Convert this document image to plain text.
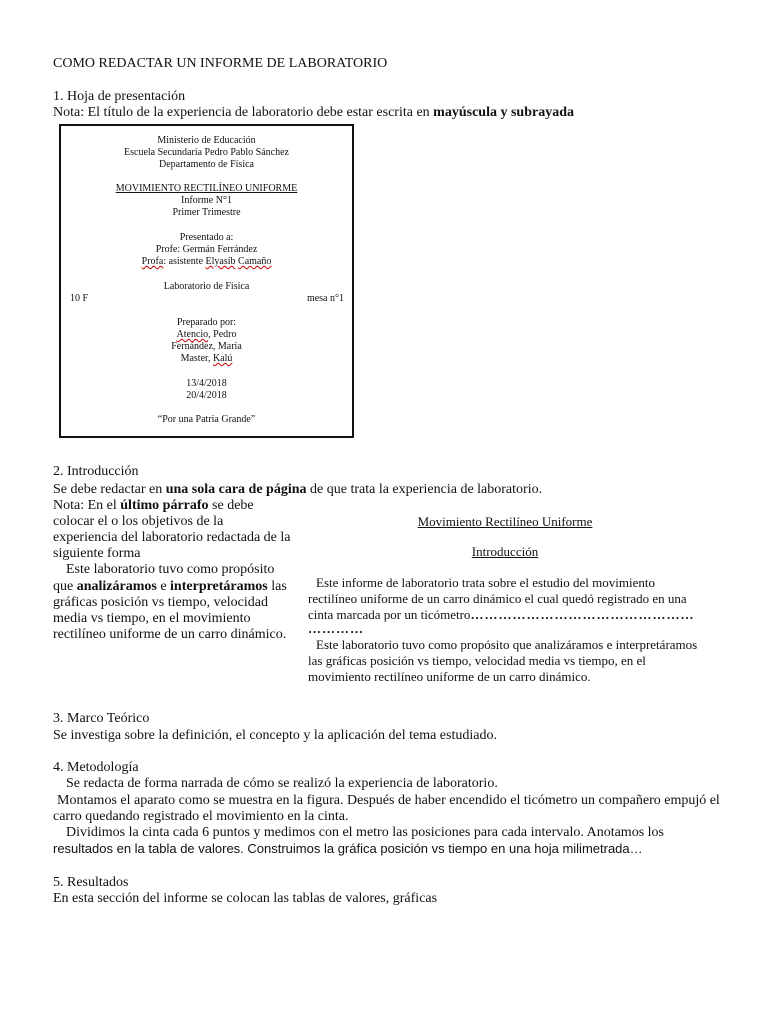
COMO REDACTAR UN INFORME DE LABORATORIO
1. Hoja de presentación
Nota: El título de la experiencia de laboratorio debe estar escrita en mayúscula y subrayada
Ministerio de Educación
Escuela Secundaria Pedro Pablo Sánchez
Departamento de Física
MOVIMIENTO RECTILÍNEO UNIFORME
Informe N°1
Primer Trimestre
Presentado a:
Profe: Germán Ferrández
Profa: asistente Elyasib Camaño
Laboratorio de Física
10 F	mesa n°1
Preparado por:
Atencio, Pedro
Fernández, María
Master, Kalú
13/4/2018
20/4/2018
“Por una Patria Grande”
2. Introducción
Se debe redactar en una sola cara de página de que trata la experiencia de laboratorio.
Nota: En el último párrafo se debe
colocar el o los objetivos de la
experiencia del laboratorio redactada de la
siguiente forma
Este laboratorio tuvo como propósito
que analizáramos e interpretáramos las
gráficas posición vs tiempo, velocidad
media vs tiempo, en el movimiento
rectilíneo uniforme de un carro dinámico.
Movimiento Rectilíneo Uniforme
Introducción
Este informe de laboratorio trata sobre el estudio del movimiento
rectilíneo uniforme de un carro dinámico el cual quedó registrado en una
cinta marcada por un ticómetro…………………………………………
…………
Este laboratorio tuvo como propósito que analizáramos e interpretáramos
las gráficas posición vs tiempo, velocidad media vs tiempo, en el
movimiento rectilíneo uniforme de un carro dinámico.
3. Marco Teórico
Se investiga sobre la definición, el concepto y la aplicación del tema estudiado.
4. Metodología
Se redacta de forma narrada de cómo se realizó la experiencia de laboratorio.
Montamos el aparato como se muestra en la figura. Después de haber encendido el ticómetro un compañero empujó el
carro quedando registrado el movimiento en la cinta.
Dividimos la cinta cada 6 puntos y medimos con el metro las posiciones para cada intervalo. Anotamos los
resultados en la tabla de valores. Construimos la gráfica posición vs tiempo en una hoja milimetrada…
5. Resultados
En esta sección del informe se colocan las tablas de valores, gráficas
